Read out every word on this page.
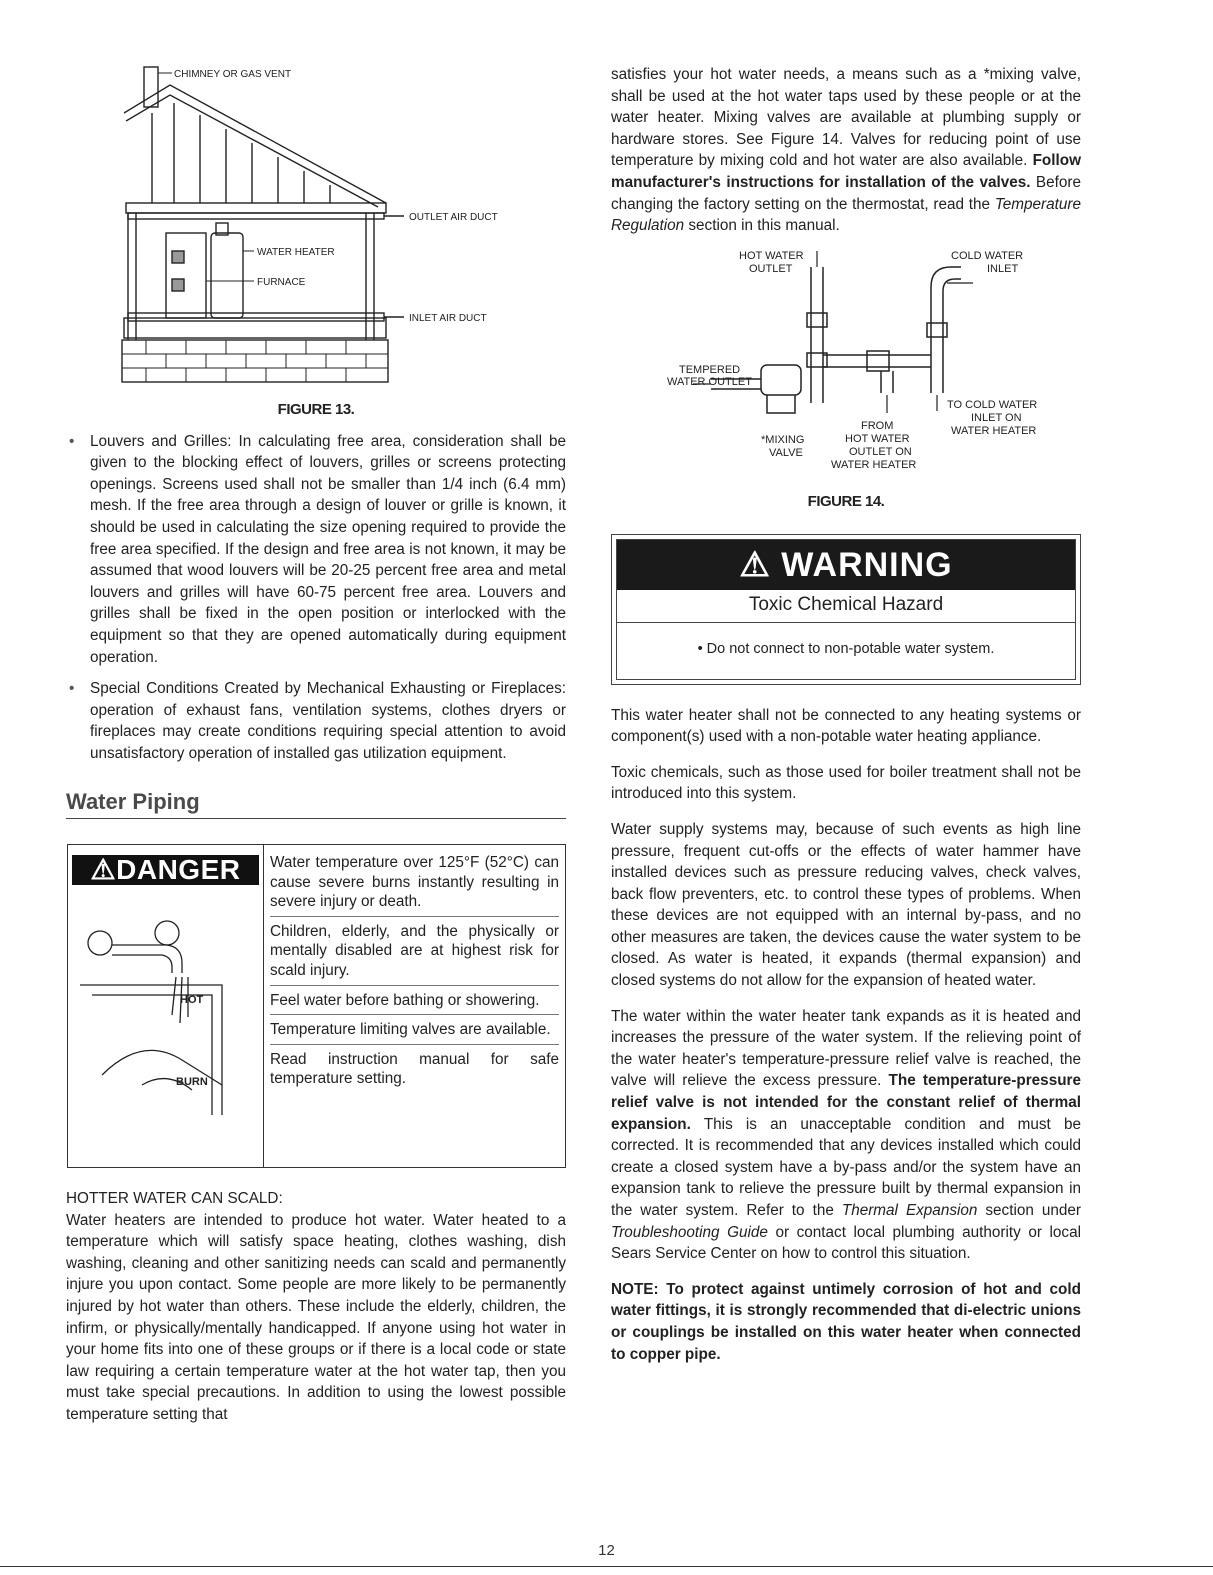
CHIMNEY OR GAS VENT
OUTLET AIR DUCT
WATER HEATER
FURNACE
INLET AIR DUCT
FIGURE 13.
• Louvers and Grilles: In calculating free area, consideration shall be given to the blocking effect of louvers, grilles or screens protecting openings. Screens used shall not be smaller than 1/4 inch (6.4 mm) mesh. If the free area through a design of louver or grille is known, it should be used in calculating the size opening required to provide the free area specified. If the design and free area is not known, it may be assumed that wood louvers will be 20-25 percent free area and metal louvers and grilles will have 60-75 percent free area. Louvers and grilles shall be fixed in the open position or interlocked with the equipment so that they are opened automatically during equipment operation.
• Special Conditions Created by Mechanical Exhausting or Fireplaces: operation of exhaust fans, ventilation systems, clothes dryers or fireplaces may create conditions requiring special attention to avoid unsatisfactory operation of installed gas utilization equipment.
Water Piping
⚠DANGER
HOT
BURN

Water temperature over 125°F (52°C) can cause severe burns instantly resulting in severe injury or death.

Children, elderly, and the physically or mentally disabled are at highest risk for scald injury.

Feel water before bathing or showering.

Temperature limiting valves are available.

Read instruction manual for safe temperature setting.

HOTTER WATER CAN SCALD:

Water heaters are intended to produce hot water. Water heated to a temperature which will satisfy space heating, clothes washing, dish washing, cleaning and other sanitizing needs can scald and permanently injure you upon contact. Some people are more likely to be permanently injured by hot water than others. These include the elderly, children, the infirm, or physically/mentally handicapped. If anyone using hot water in your home fits into one of these groups or if there is a local code or state law requiring a certain temperature water at the hot water tap, then you must take special precautions. In addition to using the lowest possible temperature setting that

satisfies your hot water needs, a means such as a *mixing valve, shall be used at the hot water taps used by these people or at the water heater. Mixing valves are available at plumbing supply or hardware stores. See Figure 14. Valves for reducing point of use temperature by mixing cold and hot water are also available. Follow manufacturer's instructions for installation of the valves. Before changing the factory setting on the thermostat, read the Temperature Regulation section in this manual.

HOT WATER
OUTLET
COLD WATER
INLET
TEMPERED
WATER OUTLET
TO COLD WATER
INLET ON
WATER HEATER
*MIXING
VALVE
FROM
HOT WATER
OUTLET ON
WATER HEATER
FIGURE 14.
⚠ WARNING
Toxic Chemical Hazard
• Do not connect to non-potable water system.

This water heater shall not be connected to any heating systems or component(s) used with a non-potable water heating appliance.

Toxic chemicals, such as those used for boiler treatment shall not be introduced into this system.

Water supply systems may, because of such events as high line pressure, frequent cut-offs or the effects of water hammer have installed devices such as pressure reducing valves, check valves, back flow preventers, etc. to control these types of problems. When these devices are not equipped with an internal by-pass, and no other measures are taken, the devices cause the water system to be closed. As water is heated, it expands (thermal expansion) and closed systems do not allow for the expansion of heated water.

The water within the water heater tank expands as it is heated and increases the pressure of the water system. If the relieving point of the water heater's temperature-pressure relief valve is reached, the valve will relieve the excess pressure. The temperature-pressure relief valve is not intended for the constant relief of thermal expansion. This is an unacceptable condition and must be corrected. It is recommended that any devices installed which could create a closed system have a by-pass and/or the system have an expansion tank to relieve the pressure built by thermal expansion in the water system. Refer to the Thermal Expansion section under Troubleshooting Guide or contact local plumbing authority or local Sears Service Center on how to control this situation.

NOTE: To protect against untimely corrosion of hot and cold water fittings, it is strongly recommended that di-electric unions or couplings be installed on this water heater when connected to copper pipe.

12
